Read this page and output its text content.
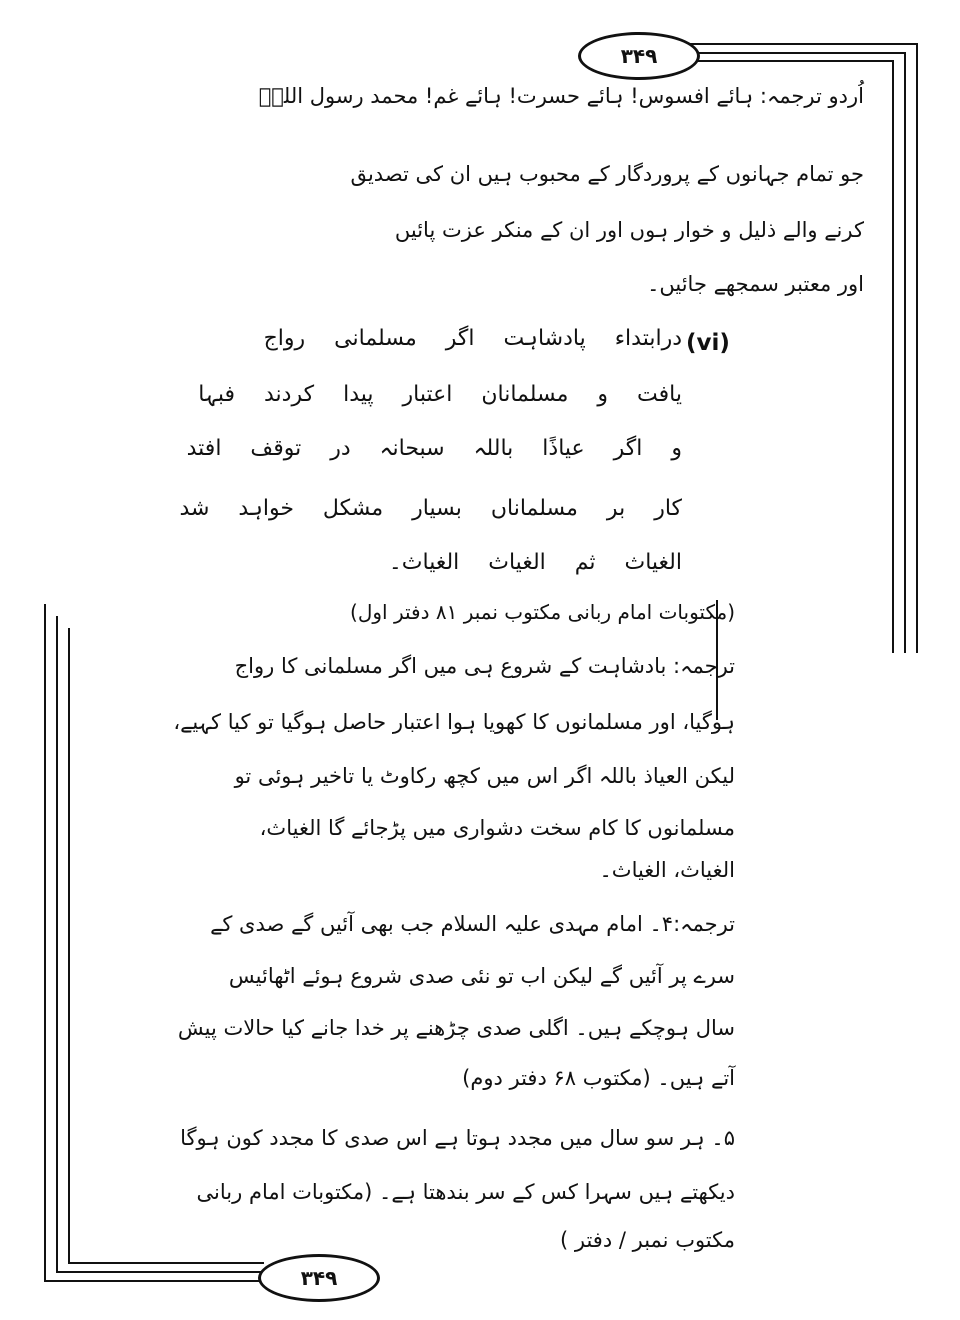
۳۴۹
۳۴۹

اُردو ترجمہ: ہائے افسوس! ہائے حسرت! ہائے غم! محمد رسول اللہؐ

جو تمام جہانوں کے پروردگار کے محبوب ہیں ان کی تصدیق

کرنے والے ذلیل و خوار ہوں اور ان کے منکر عزت پائیں

اور معتبر سمجھے جائیں۔

(vi)

درابتداء پادشاہت اگر مسلمانی رواج

یافت و مسلمانان اعتبار پیدا کردند فبہا

و اگر عیاذًا باللہ سبحانہ در توقف افتد

کار بر مسلماناں بسیار مشکل خواہد شد

الغیاث ثم الغیاث الغیاث۔

(مکتوبات امام ربانی مکتوب نمبر ۸۱ دفتر اول)

ترجمہ: بادشاہت کے شروع ہی میں اگر مسلمانی کا رواج

ہوگیا، اور مسلمانوں کا کھویا ہوا اعتبار حاصل ہوگیا تو کیا کہیے،

لیکن العیاذ باللہ اگر اس میں کچھ رکاوٹ یا تاخیر ہوئی تو

مسلمانوں کا کام سخت دشواری میں پڑجائے گا الغیاث،

الغیاث، الغیاث۔

ترجمہ:۴۔ امام مہدی علیہ السلام جب بھی آئیں گے صدی کے

سرے پر آئیں گے لیکن اب تو نئی صدی شروع ہوئے اٹھائیس

سال ہوچکے ہیں۔ اگلی صدی چڑھنے پر خدا جانے کیا حالات پیش

آتے ہیں۔ (مکتوب ۶۸ دفتر دوم)

۵۔ ہر سو سال میں مجدد ہوتا ہے اس صدی کا مجدد کون ہوگا

دیکھتے ہیں سہرا کس کے سر بندھتا ہے۔ (مکتوبات امام ربانی

مکتوب نمبر / دفتر )
